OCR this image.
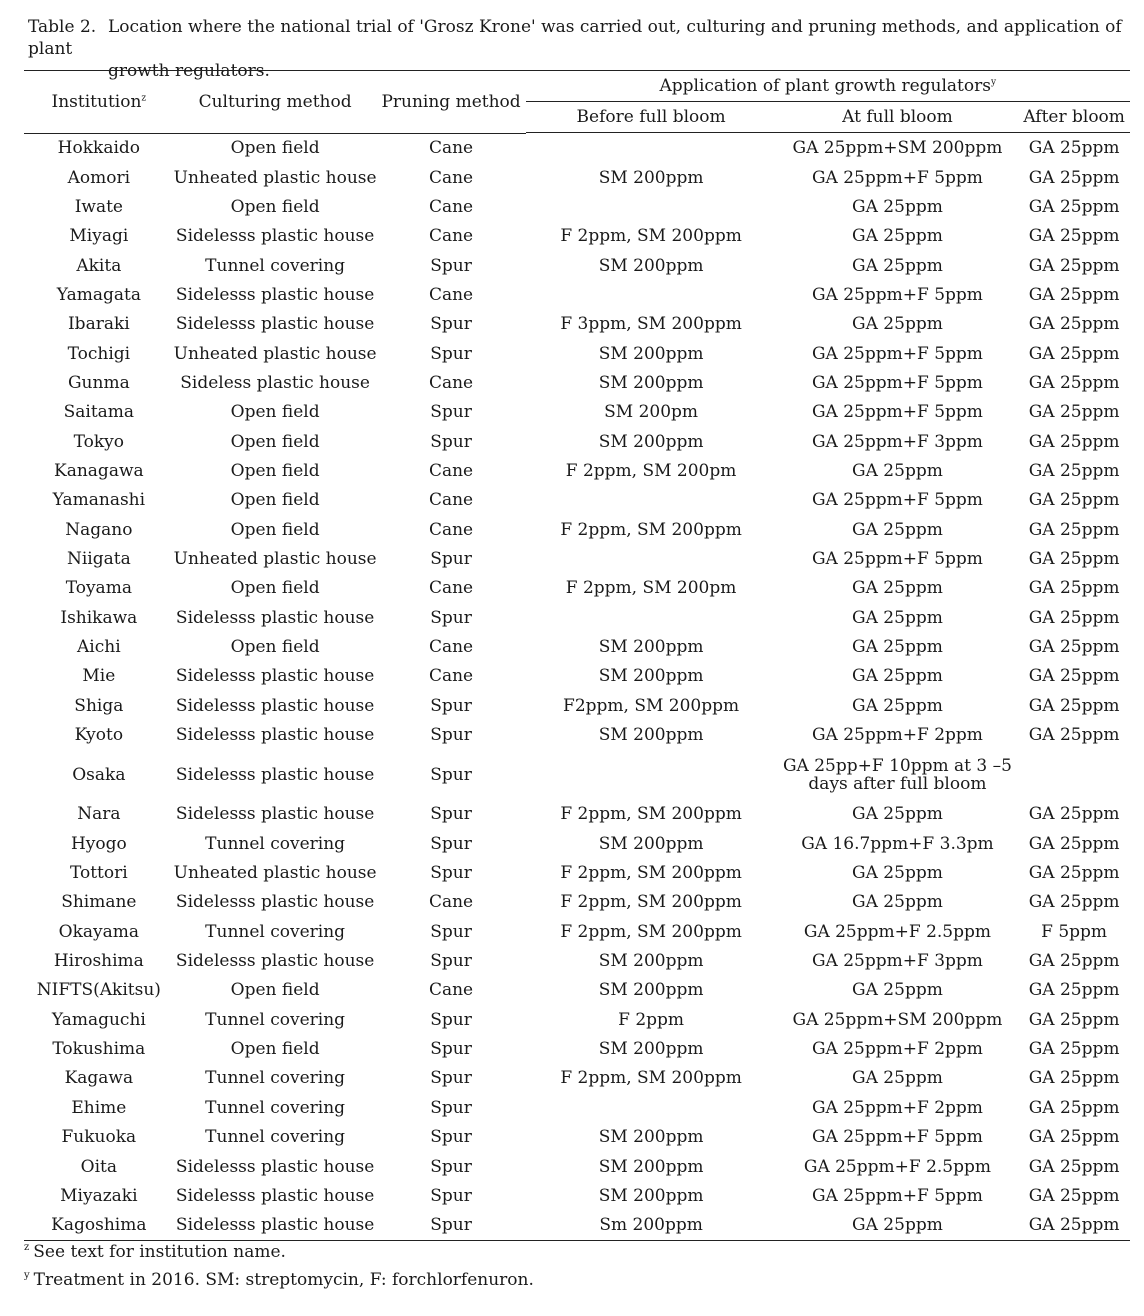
Table 2. Location where the national trial of 'Grosz Krone' was carried out, culturing and pruning methods, and application of plant
growth regulators.
Institution$^z$	Culturing method	Pruning method	Application of plant growth regulators$^y$
			Before full bloom	At full bloom	After bloom

Hokkaido	Open field	Cane		GA 25ppm+SM 200ppm	GA 25ppm
Aomori	Unheated plastic house	Cane	SM 200ppm	GA 25ppm+F 5ppm	GA 25ppm
Iwate	Open field	Cane		GA 25ppm	GA 25ppm
Miyagi	Sidelesss plastic house	Cane	F 2ppm, SM 200ppm	GA 25ppm	GA 25ppm
Akita	Tunnel covering	Spur	SM 200ppm	GA 25ppm	GA 25ppm
Yamagata	Sidelesss plastic house	Cane		GA 25ppm+F 5ppm	GA 25ppm
Ibaraki	Sidelesss plastic house	Spur	F 3ppm, SM 200ppm	GA 25ppm	GA 25ppm
Tochigi	Unheated plastic house	Spur	SM 200ppm	GA 25ppm+F 5ppm	GA 25ppm
Gunma	Sideless plastic house	Cane	SM 200ppm	GA 25ppm+F 5ppm	GA 25ppm
Saitama	Open field	Spur	SM 200pm	GA 25ppm+F 5ppm	GA 25ppm
Tokyo	Open field	Spur	SM 200ppm	GA 25ppm+F 3ppm	GA 25ppm
Kanagawa	Open field	Cane	F 2ppm, SM 200pm	GA 25ppm	GA 25ppm
Yamanashi	Open field	Cane		GA 25ppm+F 5ppm	GA 25ppm
Nagano	Open field	Cane	F 2ppm, SM 200ppm	GA 25ppm	GA 25ppm
Niigata	Unheated plastic house	Spur		GA 25ppm+F 5ppm	GA 25ppm
Toyama	Open field	Cane	F 2ppm, SM 200pm	GA 25ppm	GA 25ppm
Ishikawa	Sidelesss plastic house	Spur		GA 25ppm	GA 25ppm
Aichi	Open field	Cane	SM 200ppm	GA 25ppm	GA 25ppm
Mie	Sidelesss plastic house	Cane	SM 200ppm	GA 25ppm	GA 25ppm
Shiga	Sidelesss plastic house	Spur	F2ppm, SM 200ppm	GA 25ppm	GA 25ppm
Kyoto	Sidelesss plastic house	Spur	SM 200ppm	GA 25ppm+F 2ppm	GA 25ppm
Osaka	Sidelesss plastic house	Spur		GA 25pp+F 10ppm at 3 –5 days after full bloom	
Nara	Sidelesss plastic house	Spur	F 2ppm, SM 200ppm	GA 25ppm	GA 25ppm
Hyogo	Tunnel covering	Spur	SM 200ppm	GA 16.7ppm+F 3.3pm	GA 25ppm
Tottori	Unheated plastic house	Spur	F 2ppm, SM 200ppm	GA 25ppm	GA 25ppm
Shimane	Sidelesss plastic house	Cane	F 2ppm, SM 200ppm	GA 25ppm	GA 25ppm
Okayama	Tunnel covering	Spur	F 2ppm, SM 200ppm	GA 25ppm+F 2.5ppm	F 5ppm
Hiroshima	Sidelesss plastic house	Spur	SM 200ppm	GA 25ppm+F 3ppm	GA 25ppm
NIFTS(Akitsu)	Open field	Cane	SM 200ppm	GA 25ppm	GA 25ppm
Yamaguchi	Tunnel covering	Spur	F 2ppm	GA 25ppm+SM 200ppm	GA 25ppm
Tokushima	Open field	Spur	SM 200ppm	GA 25ppm+F 2ppm	GA 25ppm
Kagawa	Tunnel covering	Spur	F 2ppm, SM 200ppm	GA 25ppm	GA 25ppm
Ehime	Tunnel covering	Spur		GA 25ppm+F 2ppm	GA 25ppm
Fukuoka	Tunnel covering	Spur	SM 200ppm	GA 25ppm+F 5ppm	GA 25ppm
Oita	Sidelesss plastic house	Spur	SM 200ppm	GA 25ppm+F 2.5ppm	GA 25ppm
Miyazaki	Sidelesss plastic house	Spur	SM 200ppm	GA 25ppm+F 5ppm	GA 25ppm
Kagoshima	Sidelesss plastic house	Spur	Sm 200ppm	GA 25ppm	GA 25ppm
$^z$ See text for institution name.
$^y$ Treatment in 2016. SM: streptomycin, F: forchlorfenuron.
